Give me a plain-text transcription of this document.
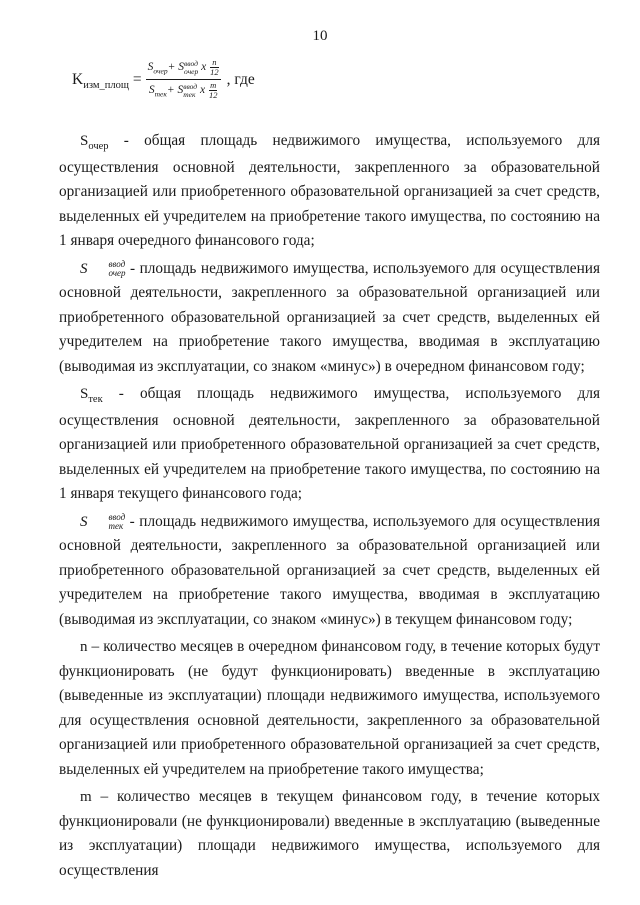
10
$K_{изм\_площ} = S_{очер}+ S$ ввод
очер x $\frac{n}{12}$
$S_{тек}+ S$ ввод
тек x $\frac{m}{12}$ , где

$S_{очер}$ - общая площадь недвижимого имущества, используемого для осуществления основной деятельности, закрепленного за образовательной организацией или приобретенного образовательной организацией за счет средств, выделенных ей учредителем на приобретение такого имущества, по состоянию на 1 января очередного финансового года;

S	ввод
очер - площадь недвижимого имущества, используемого для осуществления основной деятельности, закрепленного за образовательной организацией или приобретенного образовательной организацией за счет средств, выделенных ей учредителем на приобретение такого имущества, вводимая в эксплуатацию (выводимая из эксплуатации, со знаком «минус») в очередном финансовом году;

$S_{тек}$ - общая площадь недвижимого имущества, используемого для осуществления основной деятельности, закрепленного за образовательной организацией или приобретенного образовательной организацией за счет средств, выделенных ей учредителем на приобретение такого имущества, по состоянию на 1 января текущего финансового года;

S	ввод
тек - площадь недвижимого имущества, используемого для осуществления основной деятельности, закрепленного за образовательной организацией или приобретенного образовательной организацией за счет средств, выделенных ей учредителем на приобретение такого имущества, вводимая в эксплуатацию (выводимая из эксплуатации, со знаком «минус») в текущем финансовом году;

n – количество месяцев в очередном финансовом году, в течение которых будут функционировать (не будут функционировать) введенные в эксплуатацию (выведенные из эксплуатации) площади недвижимого имущества, используемого для осуществления основной деятельности, закрепленного за образовательной организацией или приобретенного образовательной организацией за счет средств, выделенных ей учредителем на приобретение такого имущества;

m – количество месяцев в текущем финансовом году, в течение которых функционировали (не функционировали) введенные в эксплуатацию (выведенные из эксплуатации) площади недвижимого имущества, используемого для осуществления
